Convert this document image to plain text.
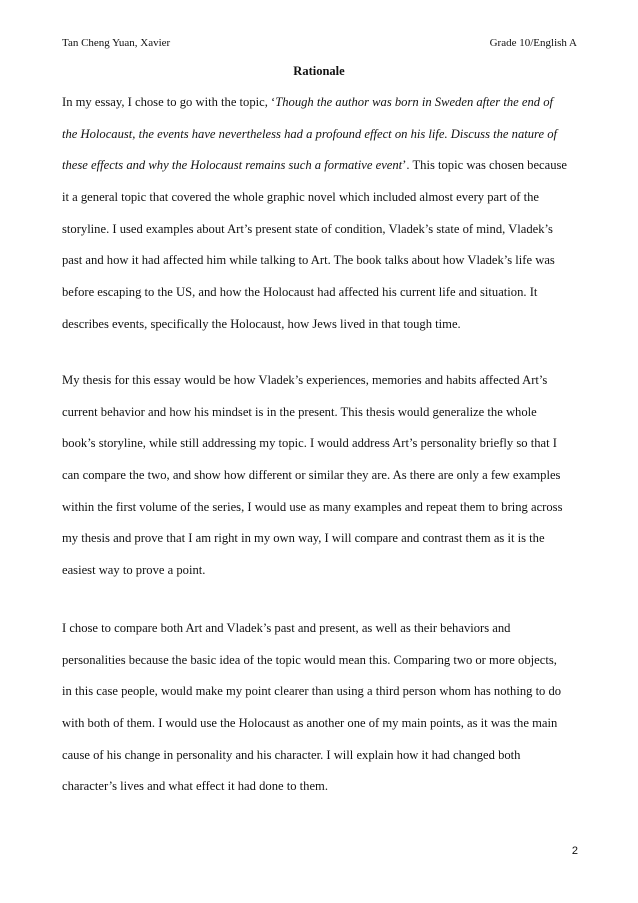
Tan Cheng Yuan, Xavier	Grade 10/English A
Rationale
In my essay, I chose to go with the topic, ‘Though the author was born in Sweden after the end of
the Holocaust, the events have nevertheless had a profound effect on his life. Discuss the nature of
these effects and why the Holocaust remains such a formative event’. This topic was chosen because
it a general topic that covered the whole graphic novel which included almost every part of the
storyline. I used examples about Art’s present state of condition, Vladek’s state of mind, Vladek’s
past and how it had affected him while talking to Art. The book talks about how Vladek’s life was
before escaping to the US, and how the Holocaust had affected his current life and situation. It
describes events, specifically the Holocaust, how Jews lived in that tough time.
My thesis for this essay would be how Vladek’s experiences, memories and habits affected Art’s
current behavior and how his mindset is in the present. This thesis would generalize the whole
book’s storyline, while still addressing my topic. I would address Art’s personality briefly so that I
can compare the two, and show how different or similar they are. As there are only a few examples
within the first volume of the series, I would use as many examples and repeat them to bring across
my thesis and prove that I am right in my own way, I will compare and contrast them as it is the
easiest way to prove a point.
I chose to compare both Art and Vladek’s past and present, as well as their behaviors and
personalities because the basic idea of the topic would mean this. Comparing two or more objects,
in this case people, would make my point clearer than using a third person whom has nothing to do
with both of them. I would use the Holocaust as another one of my main points, as it was the main
cause of his change in personality and his character. I will explain how it had changed both
character’s lives and what effect it had done to them.
2
